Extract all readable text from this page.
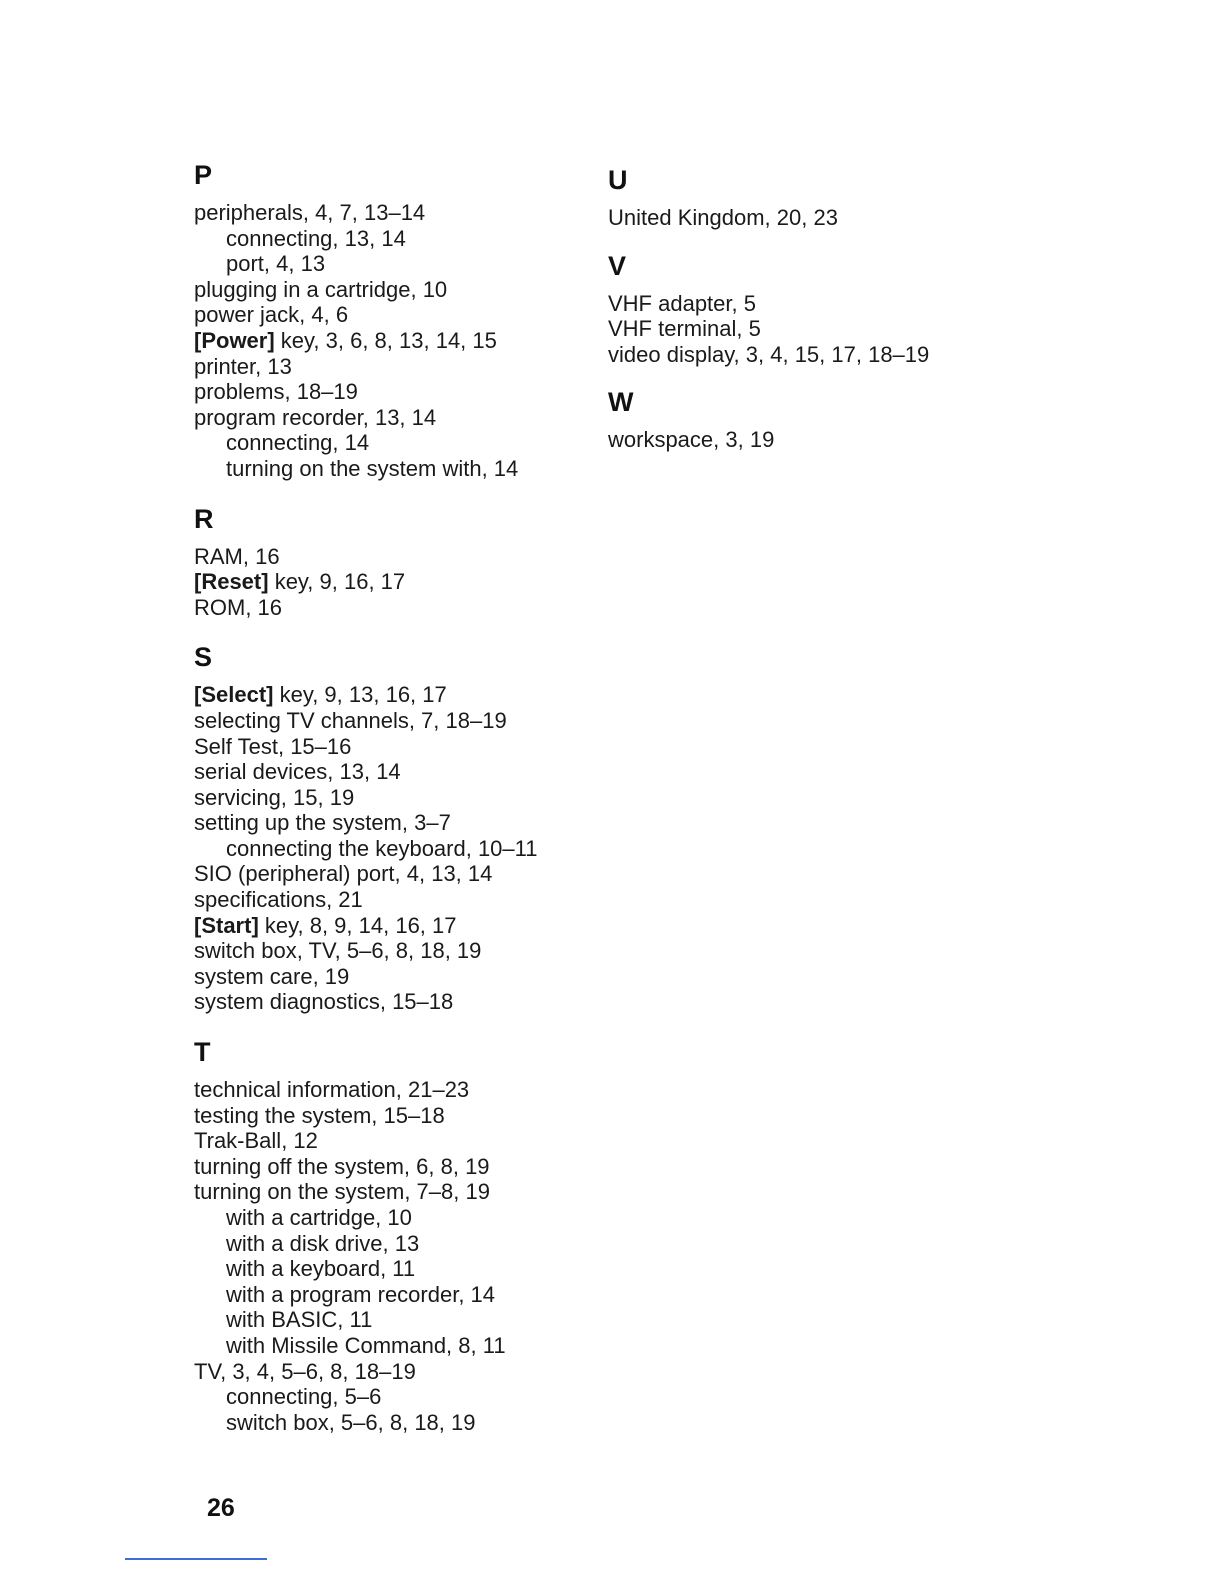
P
peripherals, 4, 7, 13–14
connecting, 13, 14
port, 4, 13
plugging in a cartridge, 10
power jack, 4, 6
[Power] key, 3, 6, 8, 13, 14, 15
printer, 13
problems, 18–19
program recorder, 13, 14
connecting, 14
turning on the system with, 14
R
RAM, 16
[Reset] key, 9, 16, 17
ROM, 16
S
[Select] key, 9, 13, 16, 17
selecting TV channels, 7, 18–19
Self Test, 15–16
serial devices, 13, 14
servicing, 15, 19
setting up the system, 3–7
connecting the keyboard, 10–11
SIO (peripheral) port, 4, 13, 14
specifications, 21
[Start] key, 8, 9, 14, 16, 17
switch box, TV, 5–6, 8, 18, 19
system care, 19
system diagnostics, 15–18
T
technical information, 21–23
testing the system, 15–18
Trak-Ball, 12
turning off the system, 6, 8, 19
turning on the system, 7–8, 19
with a cartridge, 10
with a disk drive, 13
with a keyboard, 11
with a program recorder, 14
with BASIC, 11
with Missile Command, 8, 11
TV, 3, 4, 5–6, 8, 18–19
connecting, 5–6
switch box, 5–6, 8, 18, 19
U
United Kingdom, 20, 23
V
VHF adapter, 5
VHF terminal, 5
video display, 3, 4, 15, 17, 18–19
W
workspace, 3, 19
26
